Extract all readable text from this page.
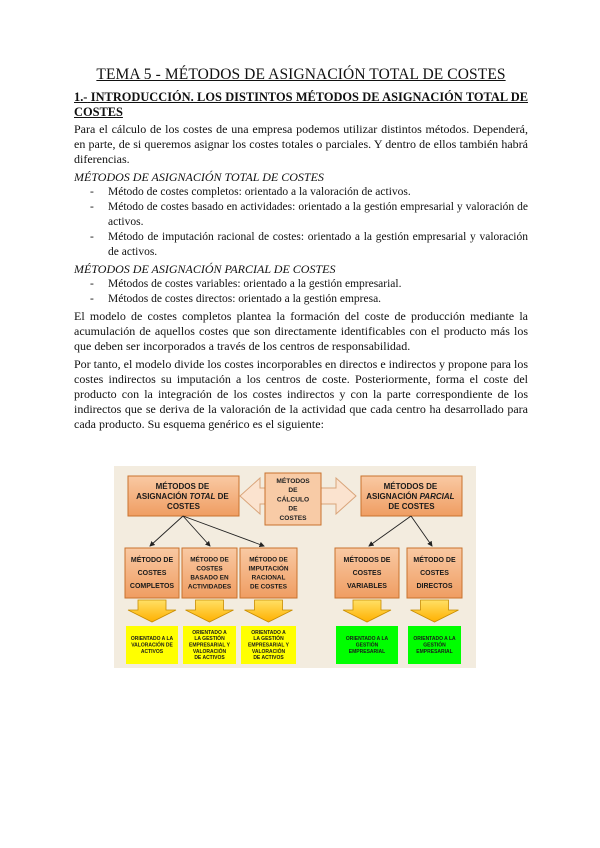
TEMA 5 - MÉTODOS DE ASIGNACIÓN TOTAL DE COSTES
1.- INTRODUCCIÓN. LOS DISTINTOS MÉTODOS DE ASIGNACIÓN TOTAL DE COSTES

Para el cálculo de los costes de una empresa podemos utilizar distintos métodos. Dependerá, en parte, de si queremos asignar los costes totales o parciales. Y dentro de ellos también habrá diferencias.

MÉTODOS DE ASIGNACIÓN TOTAL DE COSTES
- Método de costes completos: orientado a la valoración de activos.
- Método de costes basado en actividades: orientado a la gestión empresarial y valoración de activos.
- Método de imputación racional de costes: orientado a la gestión empresarial y valoración de activos.
MÉTODOS DE ASIGNACIÓN PARCIAL DE COSTES
- Métodos de costes variables: orientado a la gestión empresarial.
- Métodos de costes directos: orientado a la gestión empresa.

El modelo de costes completos plantea la formación del coste de producción mediante la acumulación de aquellos costes que son directamente identificables con el producto más los que deben ser incorporados a través de los centros de responsabilidad.

Por tanto, el modelo divide los costes incorporables en directos e indirectos y propone para los costes indirectos su imputación a los centros de coste. Posteriormente, forma el coste del producto con la integración de los costes indirectos y con la parte correspondiente de los indirectos que se deriva de la valoración de la actividad que cada centro ha desarrollado para cada producto. Su esquema genérico es el siguiente:

MÉTODOS DE CÁLCULO DE COSTES
MÉTODOS DE ASIGNACIÓN TOTAL DE COSTES
MÉTODOS DE ASIGNACIÓN PARCIAL DE COSTES
MÉTODO DE COSTES COMPLETOS
ORIENTADO A LA VALORACIÓN DE ACTIVOS
MÉTODO DE COSTES BASADO EN ACTIVIDADES
ORIENTADO A LA GESTIÓN EMPRESARIAL Y VALORACIÓN DE ACTIVOS
MÉTODO DE IMPUTACIÓN RACIONAL DE COSTES
ORIENTADO A LA GESTIÓN EMPRESARIAL Y VALORACIÓN DE ACTIVOS
MÉTODOS DE COSTES VARIABLES
ORIENTADO A LA GESTIÓN EMPRESARIAL
MÉTODO DE COSTES DIRECTOS
ORIENTADO A LA GESTIÓN EMPRESARIAL
